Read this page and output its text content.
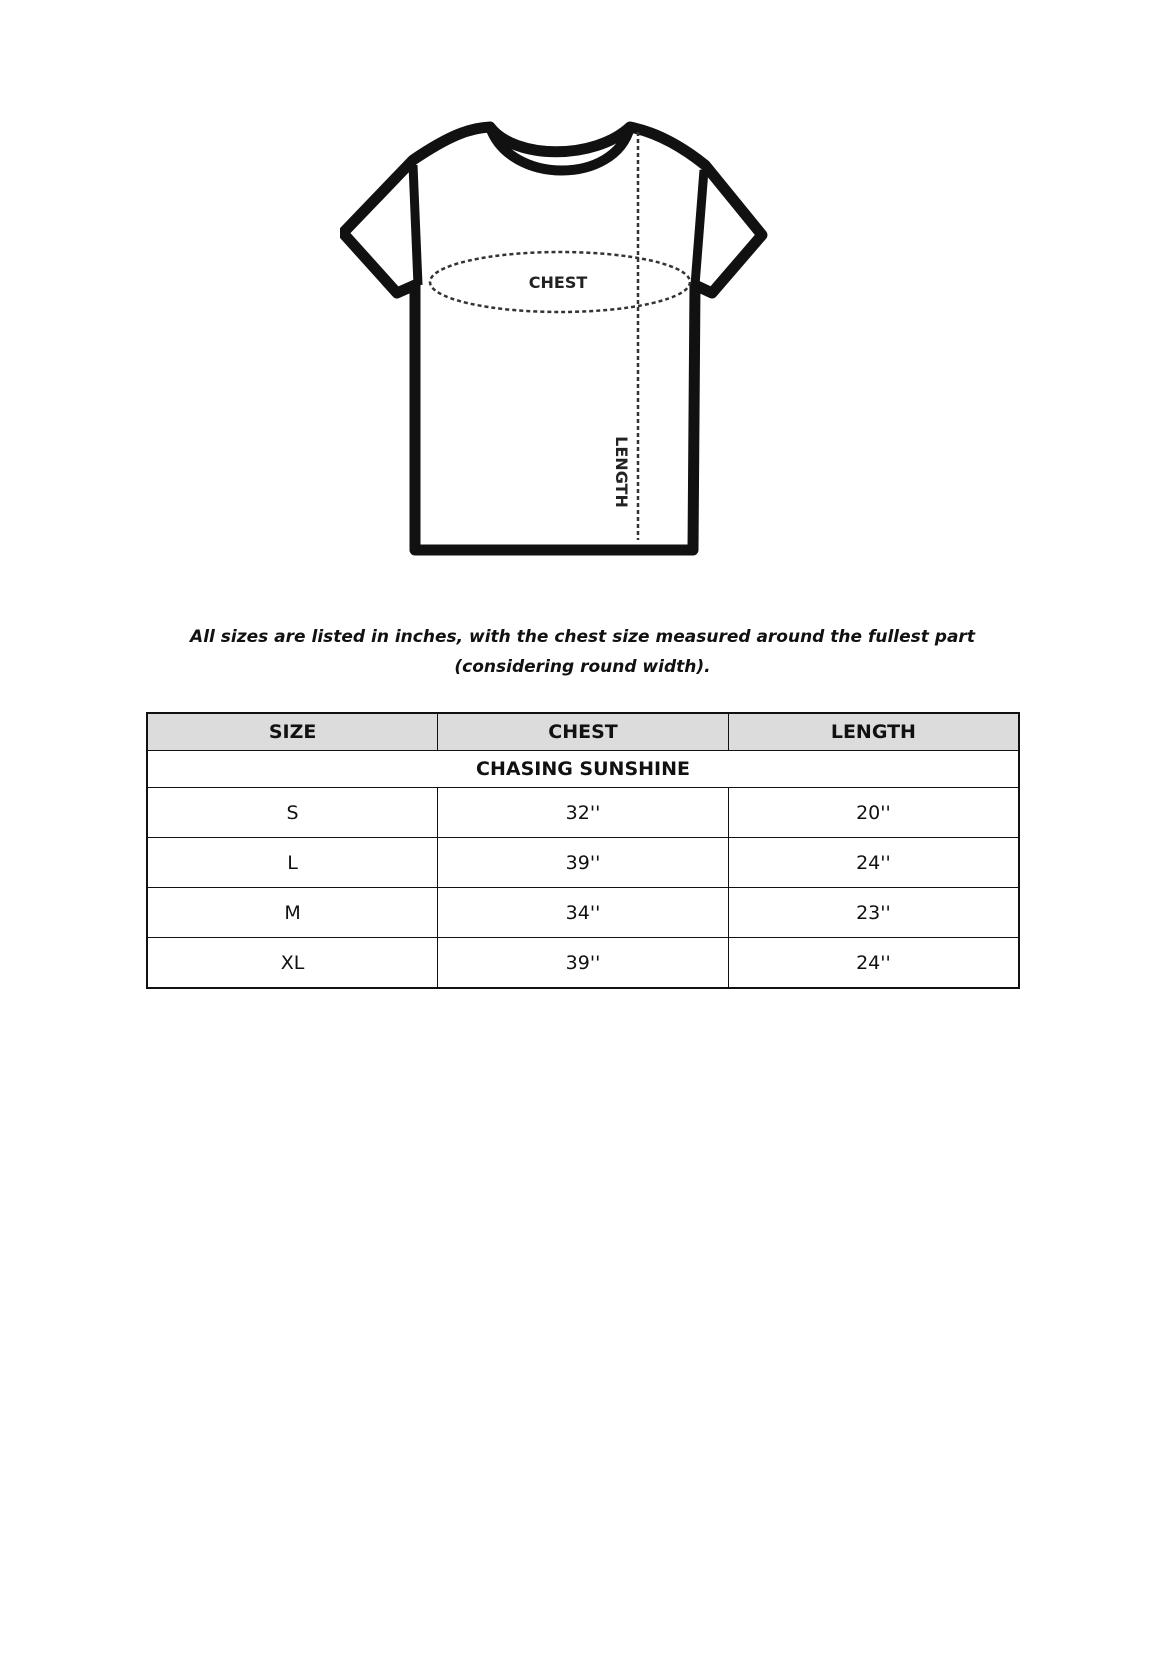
CHEST
LENGTH
All sizes are listed in inches, with the chest size measured around the fullest part
(considering round width).
SIZE	CHEST	LENGTH
CHASING SUNSHINE		
S	32''	20''
L	39''	24''
M	34''	23''
XL	39''	24''
